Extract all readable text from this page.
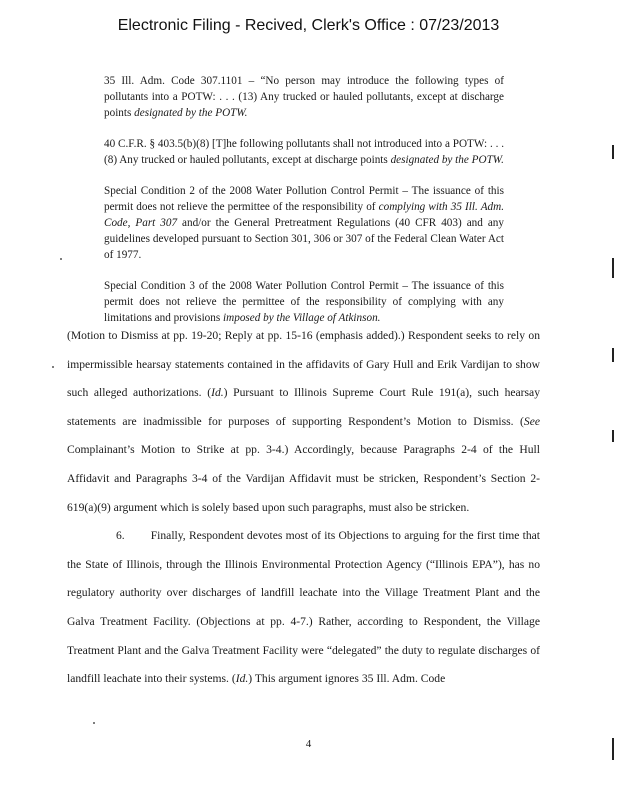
Electronic Filing - Recived, Clerk's Office : 07/23/2013

35 Ill. Adm. Code 307.1101 – “No person may introduce the following types of pollutants into a POTW: . . . (13) Any trucked or hauled pollutants, except at discharge points designated by the POTW.

40 C.F.R. § 403.5(b)(8) [T]he following pollutants shall not introduced into a POTW: . . . (8) Any trucked or hauled pollutants, except at discharge points designated by the POTW.

Special Condition 2 of the 2008 Water Pollution Control Permit – The issuance of this permit does not relieve the permittee of the responsibility of complying with 35 Ill. Adm. Code, Part 307 and/or the General Pretreatment Regulations (40 CFR 403) and any guidelines developed pursuant to Section 301, 306 or 307 of the Federal Clean Water Act of 1977.

Special Condition 3 of the 2008 Water Pollution Control Permit – The issuance of this permit does not relieve the permittee of the responsibility of complying with any limitations and provisions imposed by the Village of Atkinson.

(Motion to Dismiss at pp. 19-20; Reply at pp. 15-16 (emphasis added).) Respondent seeks to rely on impermissible hearsay statements contained in the affidavits of Gary Hull and Erik Vardijan to show such alleged authorizations. (Id.) Pursuant to Illinois Supreme Court Rule 191(a), such hearsay statements are inadmissible for purposes of supporting Respondent’s Motion to Dismiss. (See Complainant’s Motion to Strike at pp. 3-4.) Accordingly, because Paragraphs 2-4 of the Hull Affidavit and Paragraphs 3-4 of the Vardijan Affidavit must be stricken, Respondent’s Section 2-619(a)(9) argument which is solely based upon such paragraphs, must also be stricken.

6. Finally, Respondent devotes most of its Objections to arguing for the first time that the State of Illinois, through the Illinois Environmental Protection Agency (“Illinois EPA”), has no regulatory authority over discharges of landfill leachate into the Village Treatment Plant and the Galva Treatment Facility. (Objections at pp. 4-7.) Rather, according to Respondent, the Village Treatment Plant and the Galva Treatment Facility were “delegated” the duty to regulate discharges of landfill leachate into their systems. (Id.) This argument ignores 35 Ill. Adm. Code

4
